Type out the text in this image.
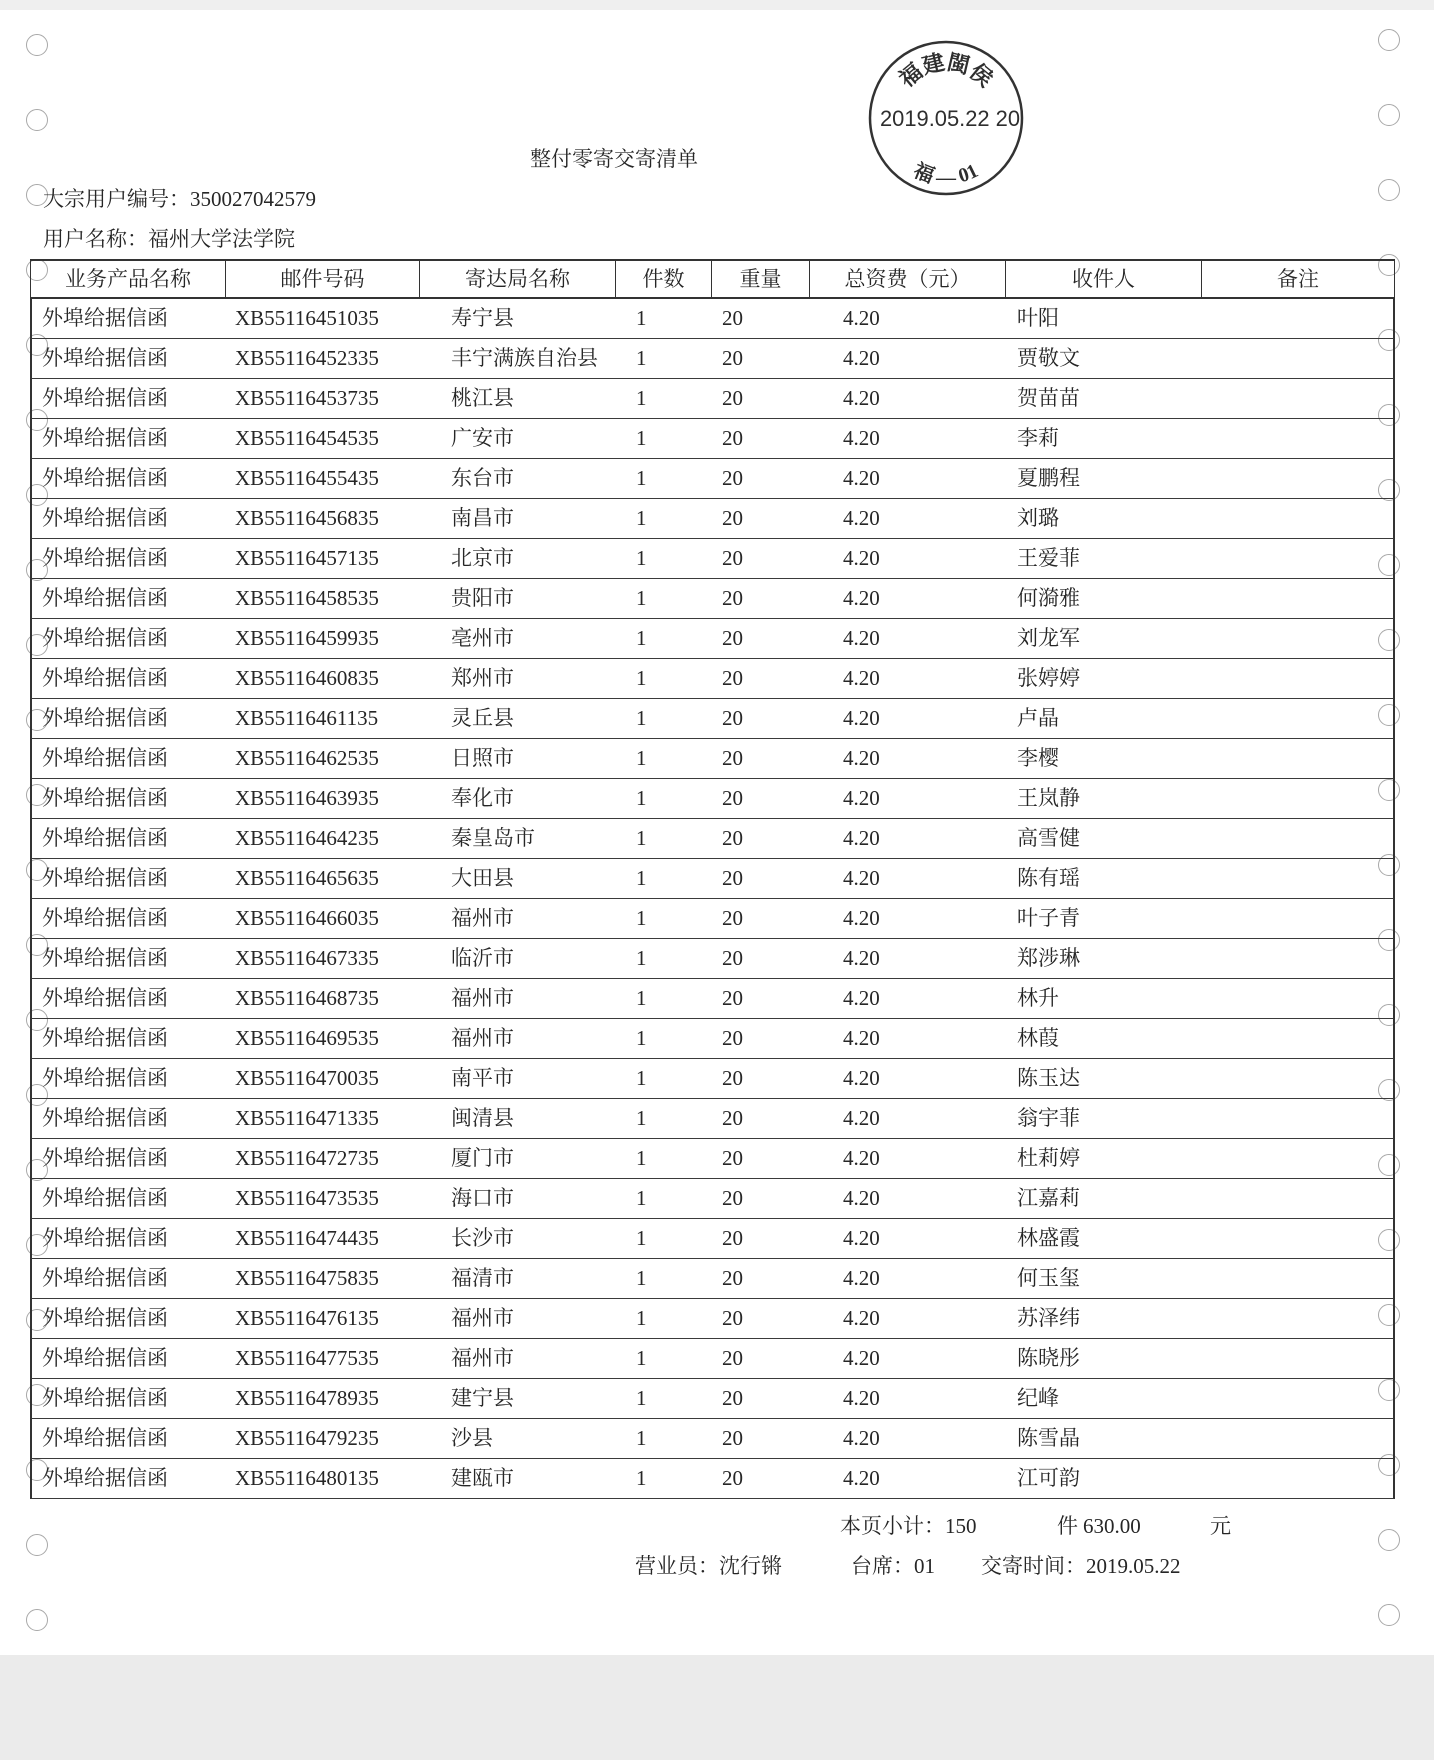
福建閩侯
2019.05.22 20
福 — 01
整付零寄交寄清单
大宗用户编号：350027042579
用户名称：福州大学法学院
业务产品名称	邮件号码	寄达局名称	件数	重量	总资费（元）	收件人	备注
外埠给据信函	XB55116451035	寿宁县	1	20	4.20	叶阳
外埠给据信函	XB55116452335	丰宁满族自治县 1	20	4.20	贾敬文
外埠给据信函	XB55116453735	桃江县	1	20	4.20	贺苗苗
外埠给据信函	XB55116454535	广安市	1	20	4.20	李莉
外埠给据信函	XB55116455435	东台市	1	20	4.20	夏鹏程
外埠给据信函	XB55116456835	南昌市	1	20	4.20	刘璐
外埠给据信函	XB55116457135	北京市	1	20	4.20	王爱菲
外埠给据信函	XB55116458535	贵阳市	1	20	4.20	何漪雅
外埠给据信函	XB55116459935	亳州市	1	20	4.20	刘龙军
外埠给据信函	XB55116460835	郑州市	1	20	4.20	张婷婷
外埠给据信函	XB55116461135	灵丘县	1	20	4.20	卢晶
外埠给据信函	XB55116462535	日照市	1	20	4.20	李樱
外埠给据信函	XB55116463935	奉化市	1	20	4.20	王岚静
外埠给据信函	XB55116464235	秦皇岛市	1	20	4.20	高雪健
外埠给据信函	XB55116465635	大田县	1	20	4.20	陈有瑶
外埠给据信函	XB55116466035	福州市	1	20	4.20	叶子青
外埠给据信函	XB55116467335	临沂市	1	20	4.20	郑涉琳
外埠给据信函	XB55116468735	福州市	1	20	4.20	林升
外埠给据信函	XB55116469535	福州市	1	20	4.20	林葭
外埠给据信函	XB55116470035	南平市	1	20	4.20	陈玉达
外埠给据信函	XB55116471335	闽清县	1	20	4.20	翁宇菲
外埠给据信函	XB55116472735	厦门市	1	20	4.20	杜莉婷
外埠给据信函	XB55116473535	海口市	1	20	4.20	江嘉莉
外埠给据信函	XB55116474435	长沙市	1	20	4.20	林盛霞
外埠给据信函	XB55116475835	福清市	1	20	4.20	何玉玺
外埠给据信函	XB55116476135	福州市	1	20	4.20	苏泽纬
外埠给据信函	XB55116477535	福州市	1	20	4.20	陈晓彤
外埠给据信函	XB55116478935	建宁县	1	20	4.20	纪峰
外埠给据信函	XB55116479235	沙县	1	20	4.20	陈雪晶
外埠给据信函	XB55116480135	建瓯市	1	20	4.20	江可韵
本页小计：150	件 630.00	元
营业员：沈行锵	台席：01 交寄时间：2019.05.22
